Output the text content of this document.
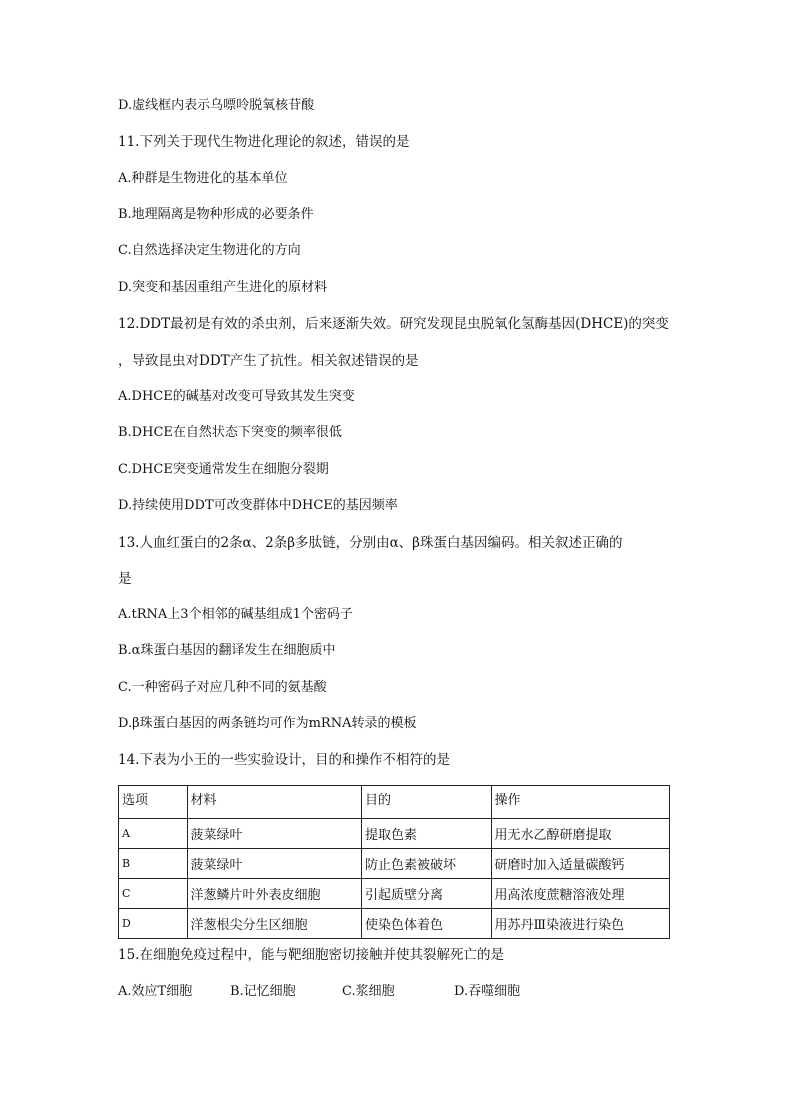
D.虚线框内表示乌嘌呤脱氧核苷酸
11.下列关于现代生物进化理论的叙述，错误的是
A.种群是生物进化的基本单位
B.地理隔离是物种形成的必要条件
C.自然选择决定生物进化的方向
D.突变和基因重组产生进化的原材料
12.DDT最初是有效的杀虫剂，后来逐渐失效。研究发现昆虫脱氧化氢酶基因(DHCE)的突变
，导致昆虫对DDT产生了抗性。相关叙述错误的是
A.DHCE的碱基对改变可导致其发生突变
B.DHCE在自然状态下突变的频率很低
C.DHCE突变通常发生在细胞分裂期
D.持续使用DDT可改变群体中DHCE的基因频率
13.人血红蛋白的2条α、2条β多肽链，分别由α、β珠蛋白基因编码。相关叙述正确的
是
A.tRNA上3个相邻的碱基组成1个密码子
B.α珠蛋白基因的翻译发生在细胞质中
C.一种密码子对应几种不同的氨基酸
D.β珠蛋白基因的两条链均可作为mRNA转录的模板
14.下表为小王的一些实验设计，目的和操作不相符的是
选项	材料	目的	操作
A	菠菜绿叶	提取色素	用无水乙醇研磨提取
B	菠菜绿叶	防止色素被破坏	研磨时加入适量碳酸钙
C	洋葱鳞片叶外表皮细胞	引起质壁分离	用高浓度蔗糖溶液处理
D	洋葱根尖分生区细胞	使染色体着色	用苏丹Ⅲ染液进行染色
15.在细胞免疫过程中，能与靶细胞密切接触并使其裂解死亡的是
A.效应T细胞	B.记忆细胞	C.浆细胞	D.吞噬细胞
